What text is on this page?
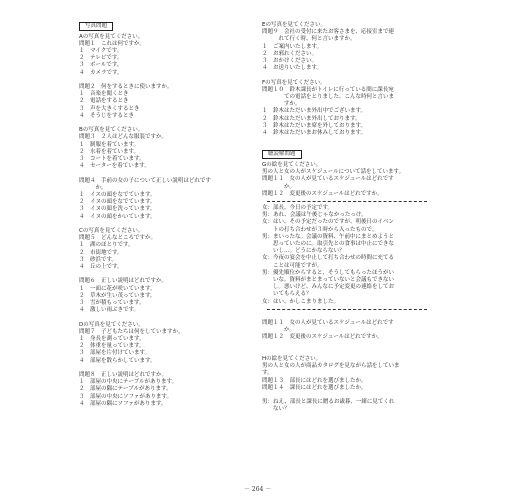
写真問題
Aの写真を見てください。
問題１　これは何ですか。
１　マイクです。
２　テレビです。
３　ボールです。
４　カメラです。
問題２　何をするときに使いますか。
１　音楽を聞くとき
２　電話をするとき
３　声を大きくするとき
４　そうじをするとき
Bの写真を見てください。
問題３　２人はどんな服装ですか。
１　制服を着ています。
２　水着を着ています。
３　コートを着ています。
４　セーターを着ています。
問題４　手前の女の子について正しい説明はどれです
　　　か。
１　イスの頭をなでています。
２　イヌの頭をなでています。
３　イヌの顔を洗っています。
４　イヌの頭をかいています。
Cの写真を見てください。
問題５　どんなところですか。
１　湖のほとりです。
２　市街地です。
３　砂浜です。
４　丘の上です。
問題６　正しい説明はどれですか。
１　一面に花が咲いています。
２　草木が生い茂っています。
３　雪が積もっています。
４　激しい雨ぶきです。
Dの写真を見てください。
問題７　子どもたちは何をしていますか。
１　身長を測っています。
２　体重を量っています。
３　部屋を片付けています。
４　部屋を散らかしています。
問題８　正しい説明はどれですか。
１　部屋の中央にテーブルがあります。
２　部屋の隅にテーブルがあります。
３　部屋の中央にソファがあります。
４　部屋の隅にソファがあります。
Eの写真を見てください。
問題９　会社の受付に来たお客さまを、応接室まで連
　　　れて行く時、何と言いますか。
１　ご案内いたします。
２　お邪れください。
３　おかけください。
４　お送りいたします。
Fの写真を見てください。
問題１０　鈴木課長がトイレに行っている間に課長宛
　　　　ての電話をとりました。こんな時何と言いま
　　　　すか。
１　鈴木はただいま外出中でございます。
２　鈴木はただいま外出しております。
３　鈴木はただいま席を外しております。
４　鈴木はただいまお休みしております。
聴読解問題
Gの絵を見てください。
男の人と女の人がスケジュールについて話をしています。
問題１１　女の人が見ているスケジュールはどれです
　　　　か。
問題１２　変更後のスケジュールはどれですか。
女：部長、今日の予定です。
男：あれ、会議は午後じゃなかったっけ。
女：はい、その予定だったのですが、明後日のイベン
　　トの打ち合わせが３時から入ったもので。
男：まいったな。会議の資料、午前中にまとめようと
　　思っていたのに。取引先との食事は中止にできな
　　いし…。どうにかならない？
女：今夜の宴会を中止して打ち合わせの時間に充てる
　　ことは可能ですが。
男：優先順位からすると、そうしてもらったほうがい
　　いな。資料がまとまっていないと会議もできない
　　し。悪いけど、みんなに予定変更の連絡をしてお
　　いてもらえる？
女：はい、かしこまりました。
問題１１　女の人が見ているスケジュールはどれです
　　　　か。
問題１２　変更後のスケジュールはどれですか。
Hの絵を見てください。
男の人と女の人が商品カタログを見ながら話をしていま
す。
問題１３　部長にはどれを選びましたか。
問題１４　課長にはどれを選びましたか。
男：ねえ、部長と課長に贈るお歳暮、一緒に見てくれ
　　ない？
－ 264 －
